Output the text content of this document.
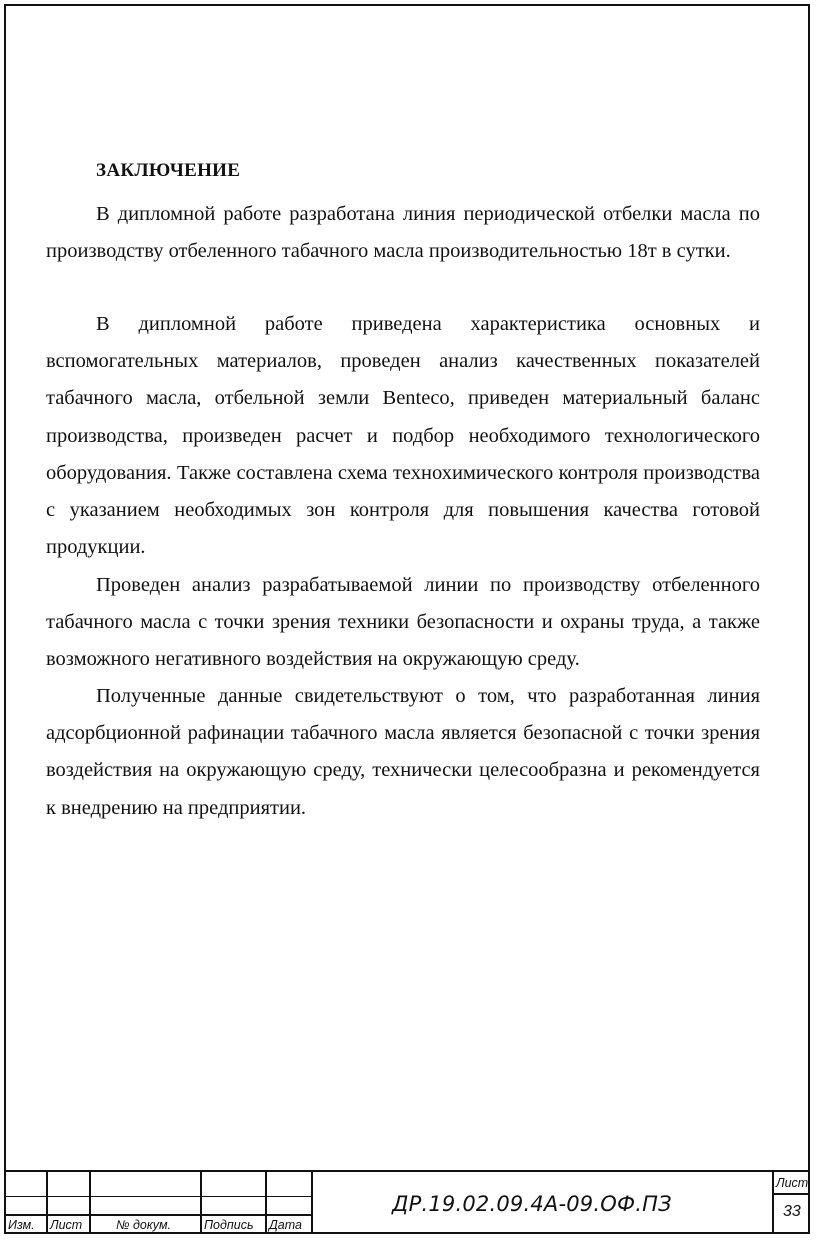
ЗАКЛЮЧЕНИЕ

В дипломной работе разработана линия периодической отбелки масла по производству отбеленного табачного масла производительностью 18т в сутки.

В дипломной работе приведена характеристика основных и вспомогательных материалов, проведен анализ качественных показателей табачного масла, отбельной земли Benteco, приведен материальный баланс производства, произведен расчет и подбор необходимого технологического оборудования. Также составлена схема технохимического контроля производства с указанием необходимых зон контроля для повышения качества готовой продукции.

Проведен анализ разрабатываемой линии по производству отбеленного табачного масла с точки зрения техники безопасности и охраны труда, а также возможного негативного воздействия на окружающую среду.

Полученные данные свидетельствуют о том, что разработанная линия адсорбционной рафинации табачного масла является безопасной с точки зрения воздействия на окружающую среду, технически целесообразна и рекомендуется к внедрению на предприятии.

Изм. Лист	№ докум.	Подпись Дата
ДР.19.02.09.4А-09.ОФ.ПЗ
Лист
33
